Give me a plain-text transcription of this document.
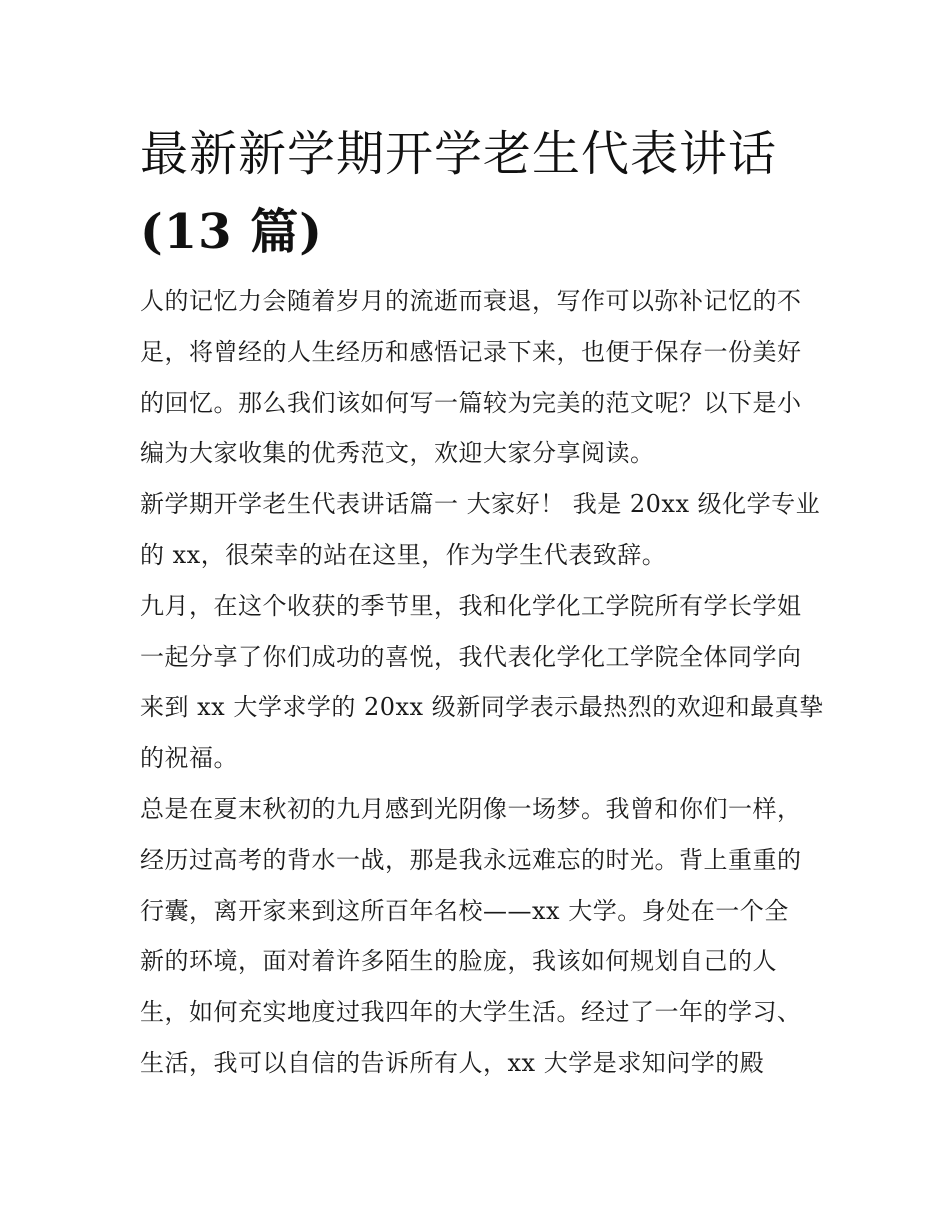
最新新学期开学老生代表讲话
(13 篇)
人的记忆力会随着岁月的流逝而衰退，写作可以弥补记忆的不
足，将曾经的人生经历和感悟记录下来，也便于保存一份美好
的回忆。那么我们该如何写一篇较为完美的范文呢？以下是小
编为大家收集的优秀范文，欢迎大家分享阅读。
新学期开学老生代表讲话篇一 大家好！ 我是 20xx 级化学专业
的 xx，很荣幸的站在这里，作为学生代表致辞。
九月，在这个收获的季节里，我和化学化工学院所有学长学姐
一起分享了你们成功的喜悦，我代表化学化工学院全体同学向
来到 xx 大学求学的 20xx 级新同学表示最热烈的欢迎和最真挚
的祝福。
总是在夏末秋初的九月感到光阴像一场梦。我曾和你们一样，
经历过高考的背水一战，那是我永远难忘的时光。背上重重的
行囊，离开家来到这所百年名校——xx 大学。身处在一个全
新的环境，面对着许多陌生的脸庞，我该如何规划自己的人
生，如何充实地度过我四年的大学生活。经过了一年的学习、
生活，我可以自信的告诉所有人，xx 大学是求知问学的殿
